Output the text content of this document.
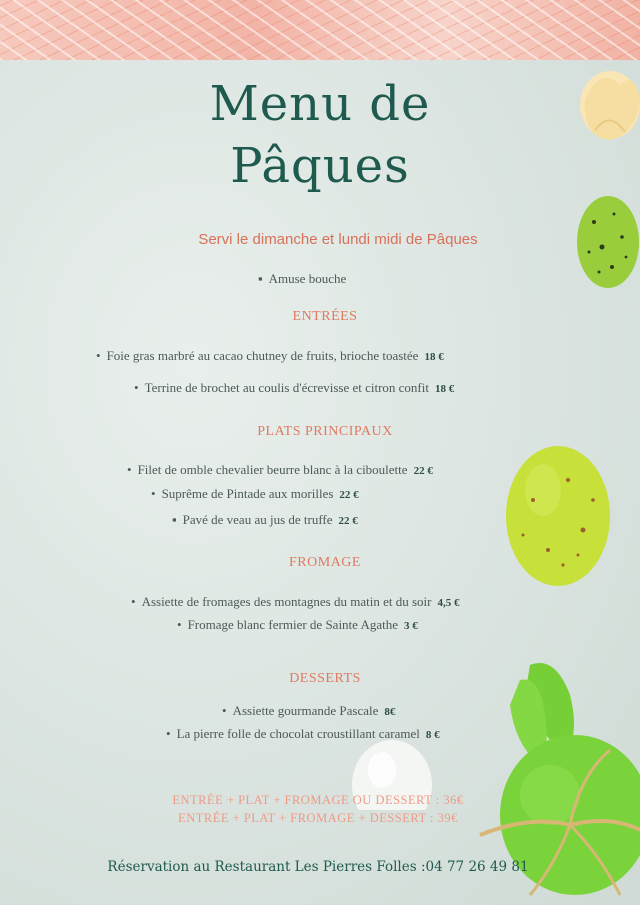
Menu de
Pâques
Servi le dimanche et lundi midi de Pâques
▪ Amuse bouche
ENTRÉES
• Foie gras marbré au cacao chutney de fruits, brioche toastée 18 €
• Terrine de brochet au coulis d'écrevisse et citron confit 18 €
PLATS PRINCIPAUX
• Filet de omble chevalier beurre blanc à la ciboulette 22 €
• Suprême de Pintade aux morilles 22 €
▪ Pavé de veau au jus de truffe 22 €
FROMAGE
• Assiette de fromages des montagnes du matin et du soir 4,5 €
• Fromage blanc fermier de Sainte Agathe 3 €
DESSERTS
• Assiette gourmande Pascale 8€
• La pierre folle de chocolat croustillant caramel 8 €
ENTRÉE + PLAT + FROMAGE OU DESSERT : 36€
ENTRÉE + PLAT + FROMAGE + DESSERT : 39€
Réservation au Restaurant Les Pierres Folles :04 77 26 49 81
